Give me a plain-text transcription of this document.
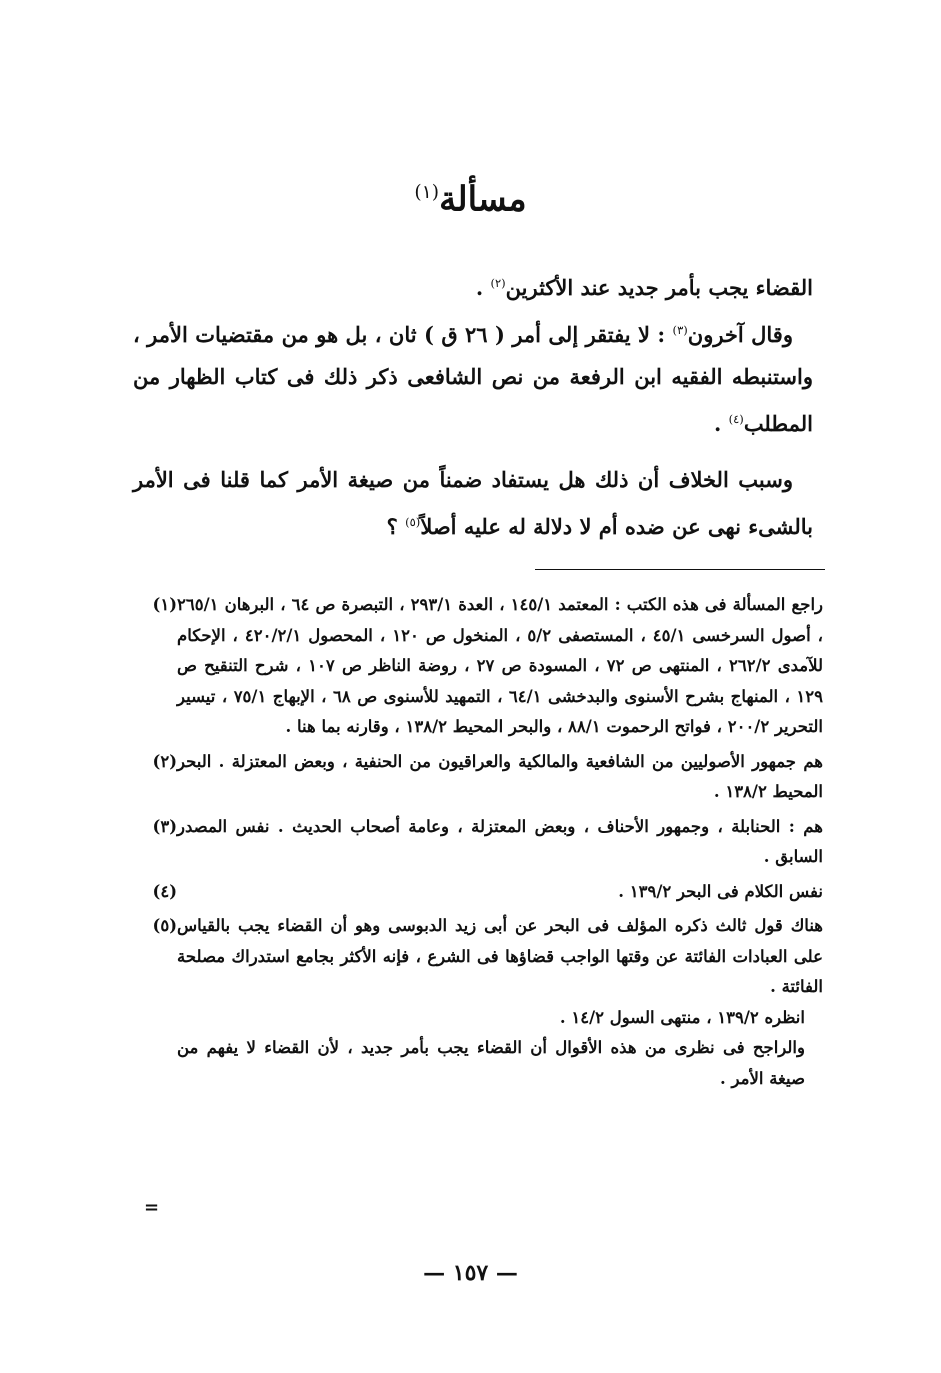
مسألة$^{(١)}$

القضاء يجب بأمر جديد عند الأكثرين$^{(٢)}$ .

وقال آخرون$^{(٣)}$ : لا يفتقر إلى أمر ( ٢٦ ق ) ثان ، بل هو من مقتضيات الأمر ، واستنبطه الفقيه ابن الرفعة من نص الشافعى ذكر ذلك فى كتاب الظهار من المطلب$^{(٤)}$ .

وسبب الخلاف أن ذلك هل يستفاد ضمناً من صيغة الأمر كما قلنا فى الأمر بالشىء نهى عن ضده أم لا دلالة له عليه أصلاً$^{(٥)}$ ؟

(١) راجع المسألة فى هذه الكتب : المعتمد ١٤٥/١ ، العدة ٢٩٣/١ ، التبصرة ص ٦٤ ، البرهان ٢٦٥/١ ، أصول السرخسى ٤٥/١ ، المستصفى ٥/٢ ، المنخول ص ١٢٠ ، المحصول ٤٢٠/٢/١ ، الإحكام للآمدى ٢٦٢/٢ ، المنتهى ص ٧٢ ، المسودة ص ٢٧ ، روضة الناظر ص ١٠٧ ، شرح التنقيح ص ١٢٩ ، المنهاج بشرح الأسنوى والبدخشى ٦٤/١ ، التمهيد للأسنوى ص ٦٨ ، الإبهاج ٧٥/١ ، تيسير التحرير ٢٠٠/٢ ، فواتح الرحموت ٨٨/١ ، والبحر المحيط ١٣٨/٢ ، وقارنه بما هنا .
(٢) هم جمهور الأصوليين من الشافعية والمالكية والعراقيون من الحنفية ، وبعض المعتزلة . البحر المحيط ١٣٨/٢ .
(٣) هم : الحنابلة ، وجمهور الأحناف ، وبعض المعتزلة ، وعامة أصحاب الحديث . نفس المصدر السابق .
(٤)	نفس الكلام فى البحر ١٣٩/٢ .
(٥) هناك قول ثالث ذكره المؤلف فى البحر عن أبى زيد الدبوسى وهو أن القضاء يجب بالقياس على العبادات الفائتة عن وقتها الواجب قضاؤها فى الشرع ، فإنه الأكثر بجامع استدراك مصلحة الفائتة .

انظره ١٣٩/٢ ، منتهى السول ١٤/٢ .

والراجح فى نظرى من هذه الأقوال أن القضاء يجب بأمر جديد ، لأن القضاء لا يفهم من صيغة الأمر .

=
— ١٥٧ —
